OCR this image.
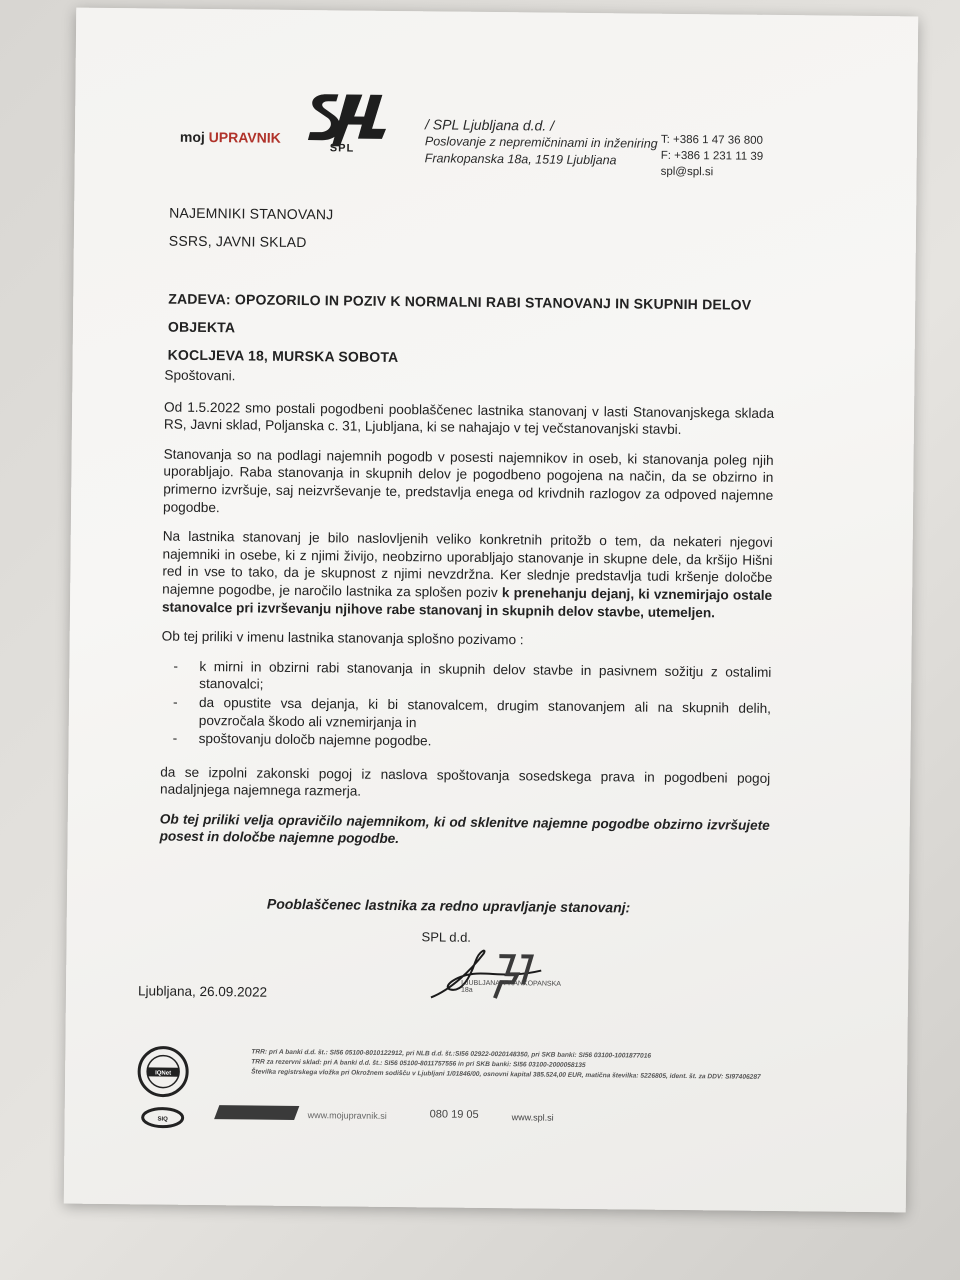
moj UPRAVNIK
SPL
/ SPL Ljubljana d.d. /
Poslovanje z nepremičninami in inženiring
Frankopanska 18a, 1519 Ljubljana
T: +386 1 47 36 800
F: +386 1 231 11 39
spl@spl.si
NAJEMNIKI STANOVANJ
SSRS, JAVNI SKLAD
ZADEVA: OPOZORILO IN POZIV K NORMALNI RABI STANOVANJ IN SKUPNIH DELOV OBJEKTA
KOCLJEVA 18, MURSKA SOBOTA

Spoštovani.

Od 1.5.2022 smo postali pogodbeni pooblaščenec lastnika stanovanj v lasti Stanovanjskega sklada RS, Javni sklad, Poljanska c. 31, Ljubljana, ki se nahajajo v tej večstanovanjski stavbi.

Stanovanja so na podlagi najemnih pogodb v posesti najemnikov in oseb, ki stanovanja poleg njih uporabljajo. Raba stanovanja in skupnih delov je pogodbeno pogojena na način, da se obzirno in primerno izvršuje, saj neizvrševanje te, predstavlja enega od krivdnih razlogov za odpoved najemne pogodbe.

Na lastnika stanovanj je bilo naslovljenih veliko konkretnih pritožb o tem, da nekateri njegovi najemniki in osebe, ki z njimi živijo, neobzirno uporabljajo stanovanje in skupne dele, da kršijo Hišni red in vse to tako, da je skupnost z njimi nevzdržna. Ker slednje predstavlja tudi kršenje določbe najemne pogodbe, je naročilo lastnika za splošen poziv k prenehanju dejanj, ki vznemirjajo ostale stanovalce pri izvrševanju njihove rabe stanovanj in skupnih delov stavbe, utemeljen.

Ob tej priliki v imenu lastnika stanovanja splošno pozivamo :

- k mirni in obzirni rabi stanovanja in skupnih delov stavbe in pasivnem sožitju z ostalimi stanovalci;
- da opustite vsa dejanja, ki bi stanovalcem, drugim stanovanjem ali na skupnih delih, povzročala škodo ali vznemirjanja in
- spoštovanju določb najemne pogodbe.

da se izpolni zakonski pogoj iz naslova spoštovanja sosedskega prava in pogodbeni pogoj nadaljnjega najemnega razmerja.

Ob tej priliki velja opravičilo najemnikom, ki od sklenitve najemne pogodbe obzirno izvršujete posest in določbe najemne pogodbe.

Pooblaščenec lastnika za redno upravljanje stanovanj:
SPL d.d.
LJUBLJANA, FRANKOPANSKA 18a
Ljubljana, 26.09.2022
IQNet
SIQ
TRR: pri A banki d.d. št.: SI56 05100-8010122912, pri NLB d.d. št.:SI56 02922-0020148350, pri SKB banki: SI56 03100-1001877016
TRR za rezervni sklad: pri A banki d.d. št.: SI56 05100-8011757556 in pri SKB banki: SI56 03100-2000058135
Številka registrskega vložka pri Okrožnem sodišču v Ljubljani 1/01846/00, osnovni kapital 385.524,00 EUR, matična številka: 5226805, ident. št. za DDV: SI97406287
www.mojupravnik.si	080 19 05	www.spl.si
